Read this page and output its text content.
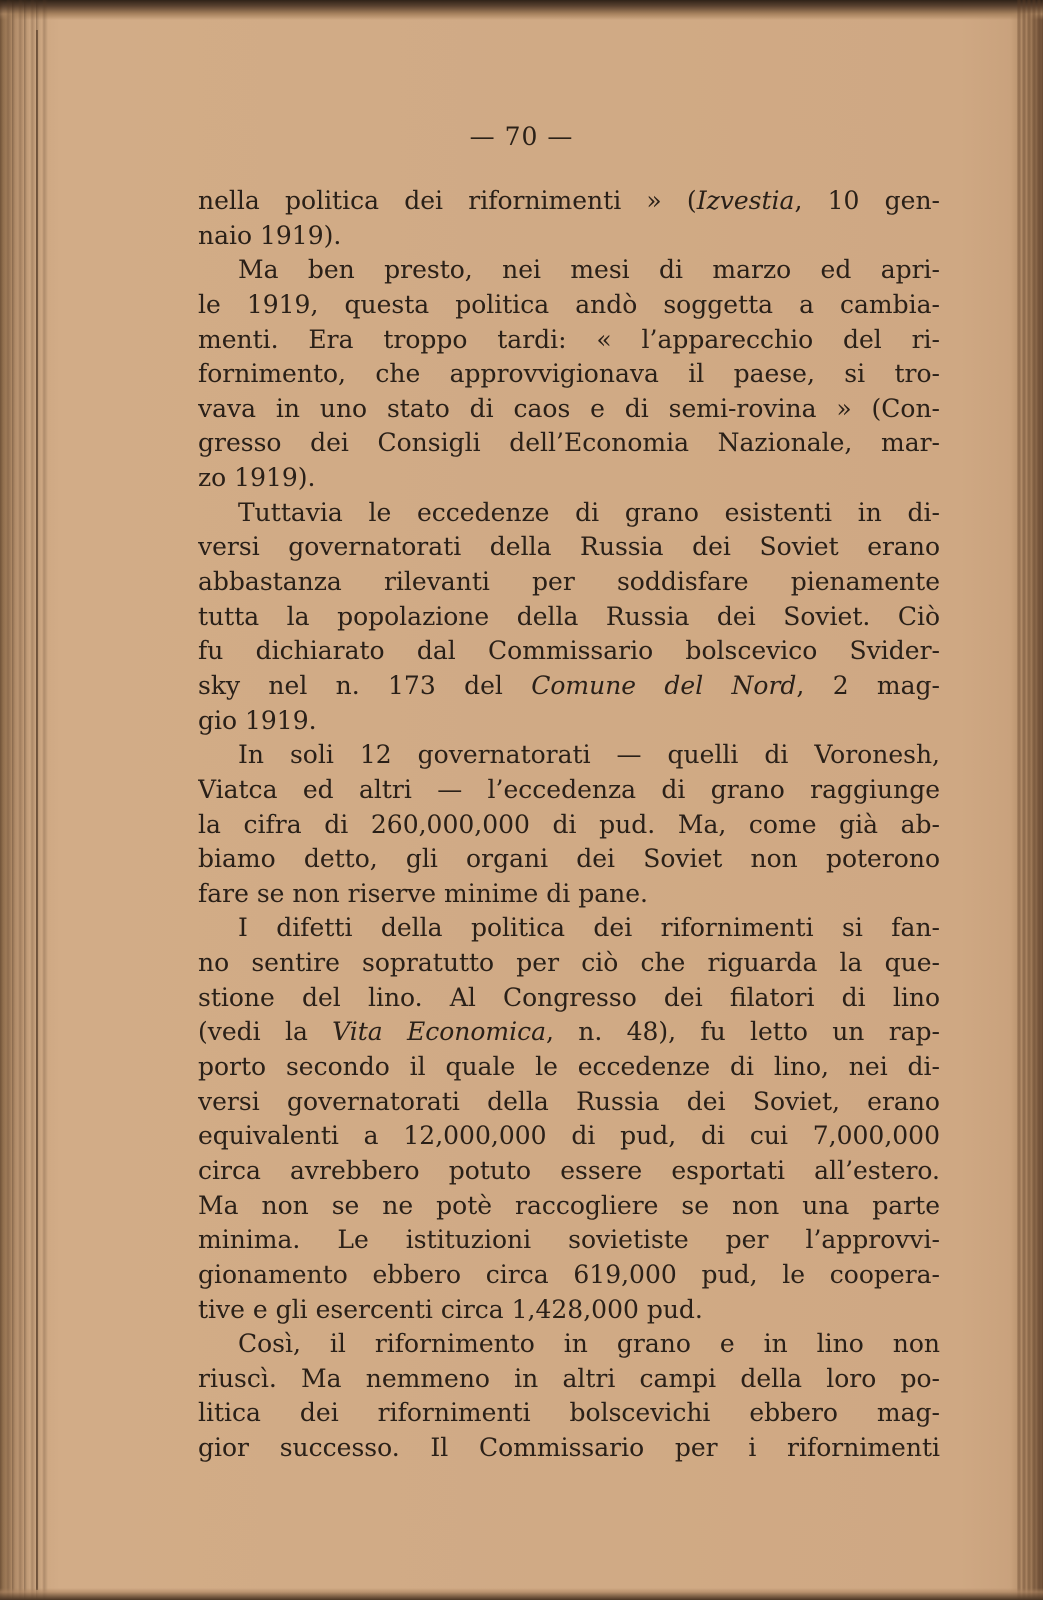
— 70 —
nella politica dei rifornimenti » (Izvestia, 10 gen-
naio 1919).
Ma ben presto, nei mesi di marzo ed apri-
le 1919, questa politica andò soggetta a cambia-
menti. Era troppo tardi: « l’apparecchio del ri-
fornimento, che approvvigionava il paese, si tro-
vava in uno stato di caos e di semi-rovina » (Con-
gresso dei Consigli dell’Economia Nazionale, mar-
zo 1919).
Tuttavia le eccedenze di grano esistenti in di-
versi governatorati della Russia dei Soviet erano
abbastanza rilevanti per soddisfare pienamente
tutta la popolazione della Russia dei Soviet. Ciò
fu dichiarato dal Commissario bolscevico Svider-
sky nel n. 173 del Comune del Nord, 2 mag-
gio 1919.
In soli 12 governatorati — quelli di Voronesh,
Viatca ed altri — l’eccedenza di grano raggiunge
la cifra di 260,000,000 di pud. Ma, come già ab-
biamo detto, gli organi dei Soviet non poterono
fare se non riserve minime di pane.
I difetti della politica dei rifornimenti si fan-
no sentire sopratutto per ciò che riguarda la que-
stione del lino. Al Congresso dei filatori di lino
(vedi la Vita Economica, n. 48), fu letto un rap-
porto secondo il quale le eccedenze di lino, nei di-
versi governatorati della Russia dei Soviet, erano
equivalenti a 12,000,000 di pud, di cui 7,000,000
circa avrebbero potuto essere esportati all’estero.
Ma non se ne potè raccogliere se non una parte
minima. Le istituzioni sovietiste per l’approvvi-
gionamento ebbero circa 619,000 pud, le coopera-
tive e gli esercenti circa 1,428,000 pud.
Così, il rifornimento in grano e in lino non
riuscì. Ma nemmeno in altri campi della loro po-
litica dei rifornimenti bolscevichi ebbero mag-
gior successo. Il Commissario per i rifornimenti
